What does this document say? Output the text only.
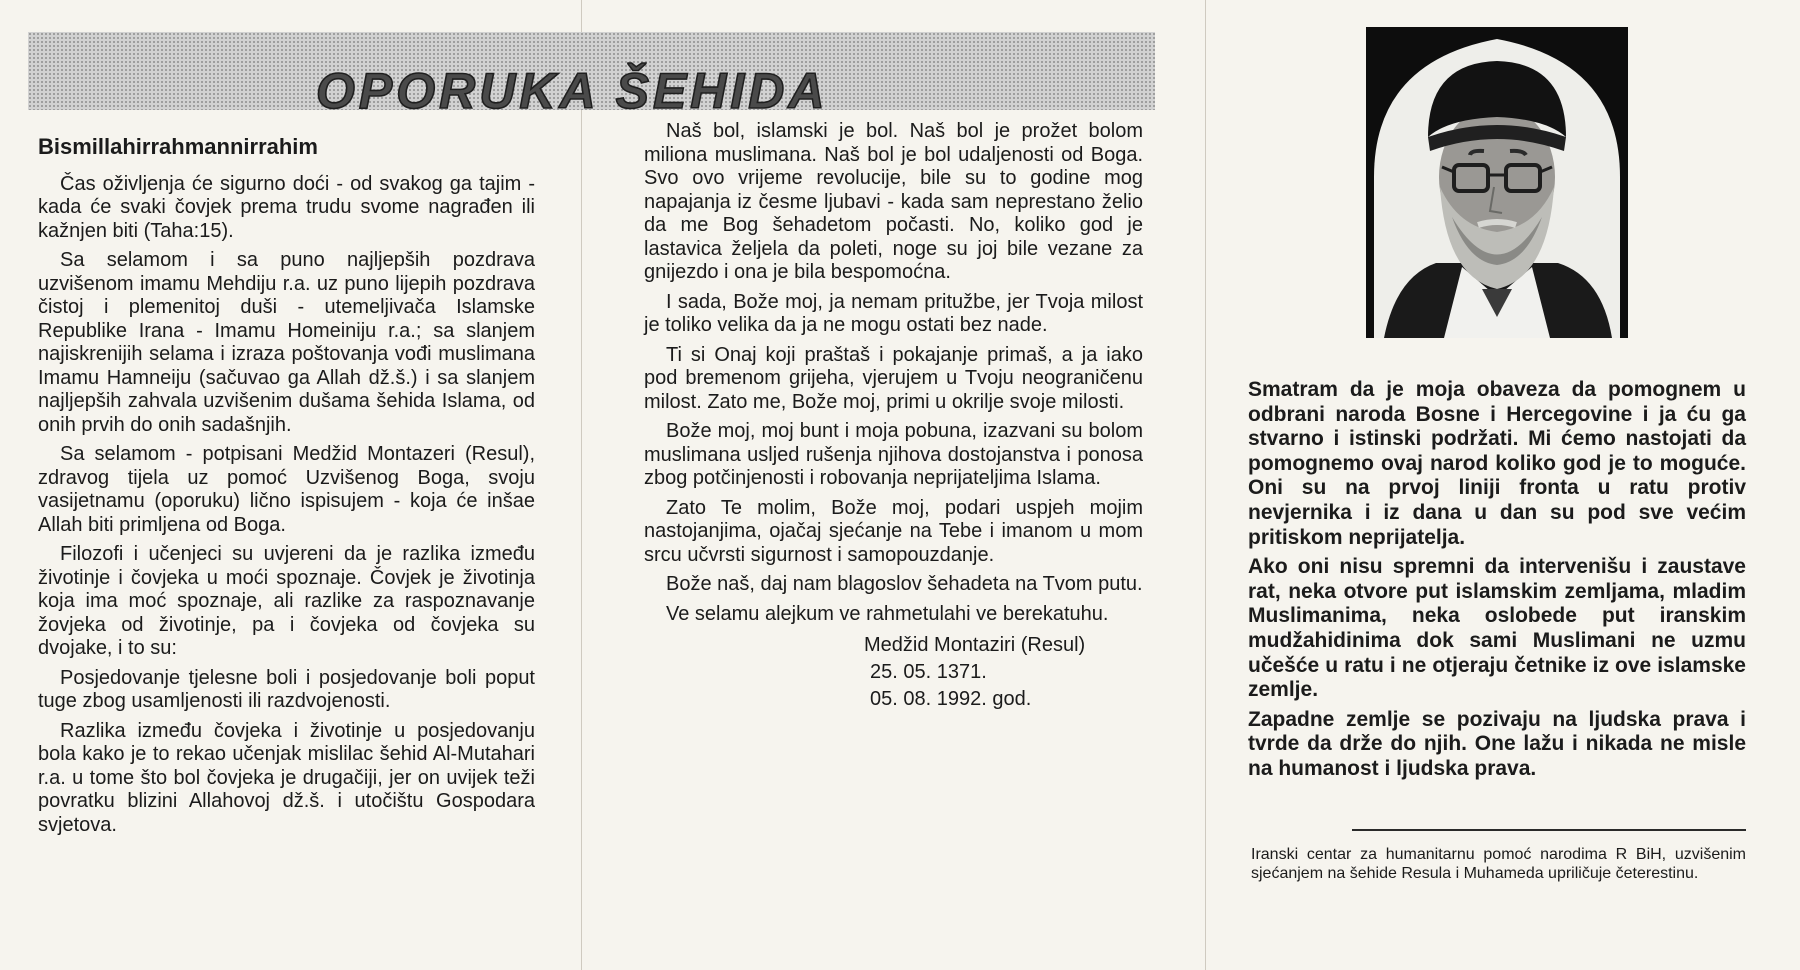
OPORUKA ŠEHIDA
Bismillahirrahmannirrahim

Čas oživljenja će sigurno doći - od svakog ga tajim - kada će svaki čovjek prema trudu svome nagrađen ili kažnjen biti (Taha:15).

Sa selamom i sa puno najljepših pozdrava uzvišenom imamu Mehdiju r.a. uz puno lijepih pozdrava čistoj i plemenitoj duši - utemeljivača Islamske Republike Irana - Imamu Homeiniju r.a.; sa slanjem najiskrenijih selama i izraza poštovanja vođi muslimana Imamu Hamneiju (sačuvao ga Allah dž.š.) i sa slanjem najljepših zahvala uzvišenim dušama šehida Islama, od onih prvih do onih sadašnjih.

Sa selamom - potpisani Medžid Montazeri (Resul), zdravog tijela uz pomoć Uzvišenog Boga, svoju vasijetnamu (oporuku) lično ispisujem - koja će inšae Allah biti primljena od Boga.

Filozofi i učenjeci su uvjereni da je razlika između životinje i čovjeka u moći spoznaje. Čovjek je životinja koja ima moć spoznaje, ali razlike za raspoznavanje žovjeka od životinje, pa i čovjeka od čovjeka su dvojake, i to su:

Posjedovanje tjelesne boli i posjedovanje boli poput tuge zbog usamljenosti ili razdvojenosti.

Razlika između čovjeka i životinje u posjedovanju bola kako je to rekao učenjak mislilac šehid Al-Mutahari r.a. u tome što bol čovjeka je drugačiji, jer on uvijek teži povratku blizini Allahovoj dž.š. i utočištu Gospodara svjetova.

Naš bol, islamski je bol. Naš bol je prožet bolom miliona muslimana. Naš bol je bol udaljenosti od Boga. Svo ovo vrijeme revolucije, bile su to godine mog napajanja iz česme ljubavi - kada sam neprestano želio da me Bog šehadetom počasti. No, koliko god je lastavica željela da poleti, noge su joj bile vezane za gnijezdo i ona je bila bespomoćna.

I sada, Bože moj, ja nemam pritužbe, jer Tvoja milost je toliko velika da ja ne mogu ostati bez nade.

Ti si Onaj koji praštaš i pokajanje primaš, a ja iako pod bremenom grijeha, vjerujem u Tvoju neograničenu milost. Zato me, Bože moj, primi u okrilje svoje milosti.

Bože moj, moj bunt i moja pobuna, izazvani su bolom muslimana usljed rušenja njihova dostojanstva i ponosa zbog potčinjenosti i robovanja neprijateljima Islama.

Zato Te molim, Bože moj, podari uspjeh mojim nastojanjima, ojačaj sjećanje na Tebe i imanom u mom srcu učvrsti sigurnost i samopouzdanje.

Bože naš, daj nam blagoslov šehadeta na Tvom putu.

Ve selamu alejkum ve rahmetulahi ve berekatuhu.

Medžid Montaziri (Resul)
25. 05. 1371.
05. 08. 1992. god.

Smatram da je moja obaveza da pomognem u odbrani naroda Bosne i Hercegovine i ja ću ga stvarno i istinski podržati. Mi ćemo nastojati da pomognemo ovaj narod koliko god je to moguće. Oni su na prvoj liniji fronta u ratu protiv nevjernika i iz dana u dan su pod sve većim pritiskom neprijatelja.

Ako oni nisu spremni da intervenišu i zaustave rat, neka otvore put islamskim zemljama, mladim Muslimanima, neka oslobede put iranskim mudžahidinima dok sami Muslimani ne uzmu učešće u ratu i ne otjeraju četnike iz ove islamske zemlje.

Zapadne zemlje se pozivaju na ljudska prava i tvrde da drže do njih. One lažu i nikada ne misle na humanost i ljudska prava.

Iranski centar za humanitarnu pomoć narodima R BiH, uzvišenim sjećanjem na šehide Resula i Muhameda upriličuje četerestinu.
